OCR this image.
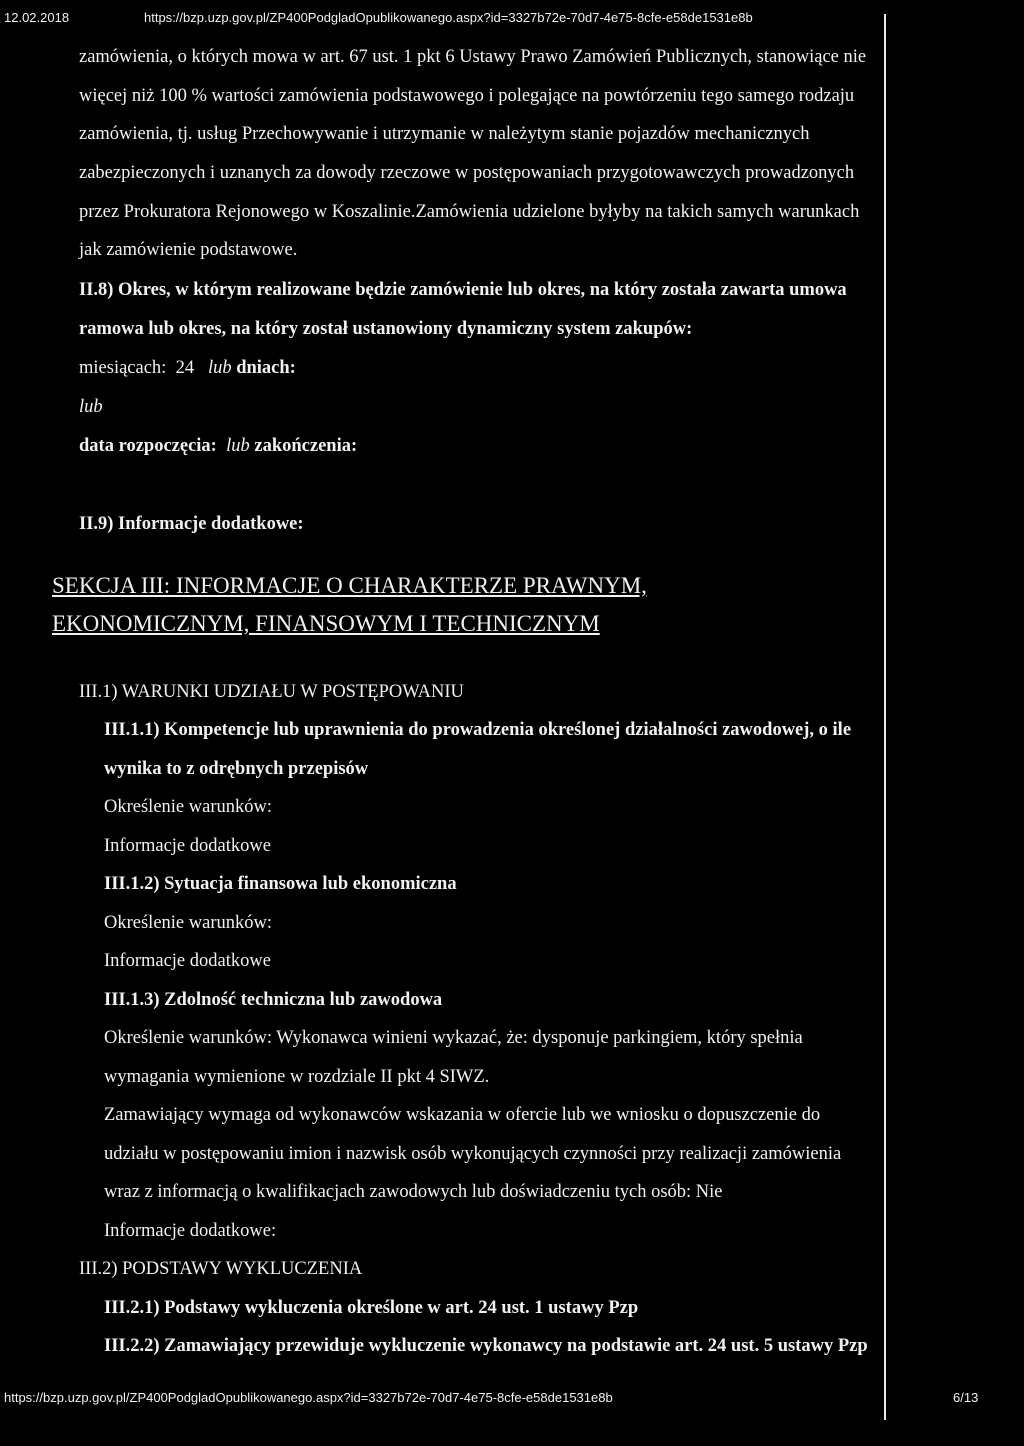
12.02.2018	https://bzp.uzp.gov.pl/ZP400PodgladOpublikowanego.aspx?id=3327b72e-70d7-4e75-8cfe-e58de1531e8b
zamówienia, o których mowa w art. 67 ust. 1 pkt 6 Ustawy Prawo Zamówień Publicznych, stanowiące nie
więcej niż 100 % wartości zamówienia podstawowego i polegające na powtórzeniu tego samego rodzaju
zamówienia, tj. usług Przechowywanie i utrzymanie w należytym stanie pojazdów mechanicznych
zabezpieczonych i uznanych za dowody rzeczowe w postępowaniach przygotowawczych prowadzonych
przez Prokuratora Rejonowego w Koszalinie.Zamówienia udzielone byłyby na takich samych warunkach
jak zamówienie podstawowe.
II.8) Okres, w którym realizowane będzie zamówienie lub okres, na który została zawarta umowa
ramowa lub okres, na który został ustanowiony dynamiczny system zakupów:
miesiącach: 24 lub dniach:
lub
data rozpoczęcia: lub zakończenia:
II.9) Informacje dodatkowe:
SEKCJA III: INFORMACJE O CHARAKTERZE PRAWNYM,
EKONOMICZNYM, FINANSOWYM I TECHNICZNYM
III.1) WARUNKI UDZIAŁU W POSTĘPOWANIU
III.1.1) Kompetencje lub uprawnienia do prowadzenia określonej działalności zawodowej, o ile
wynika to z odrębnych przepisów
Określenie warunków:
Informacje dodatkowe
III.1.2) Sytuacja finansowa lub ekonomiczna
Określenie warunków:
Informacje dodatkowe
III.1.3) Zdolność techniczna lub zawodowa
Określenie warunków: Wykonawca winieni wykazać, że: dysponuje parkingiem, który spełnia
wymagania wymienione w rozdziale II pkt 4 SIWZ.
Zamawiający wymaga od wykonawców wskazania w ofercie lub we wniosku o dopuszczenie do
udziału w postępowaniu imion i nazwisk osób wykonujących czynności przy realizacji zamówienia
wraz z informacją o kwalifikacjach zawodowych lub doświadczeniu tych osób: Nie
Informacje dodatkowe:
III.2) PODSTAWY WYKLUCZENIA
III.2.1) Podstawy wykluczenia określone w art. 24 ust. 1 ustawy Pzp
III.2.2) Zamawiający przewiduje wykluczenie wykonawcy na podstawie art. 24 ust. 5 ustawy Pzp
https://bzp.uzp.gov.pl/ZP400PodgladOpublikowanego.aspx?id=3327b72e-70d7-4e75-8cfe-e58de1531e8b	6/13
